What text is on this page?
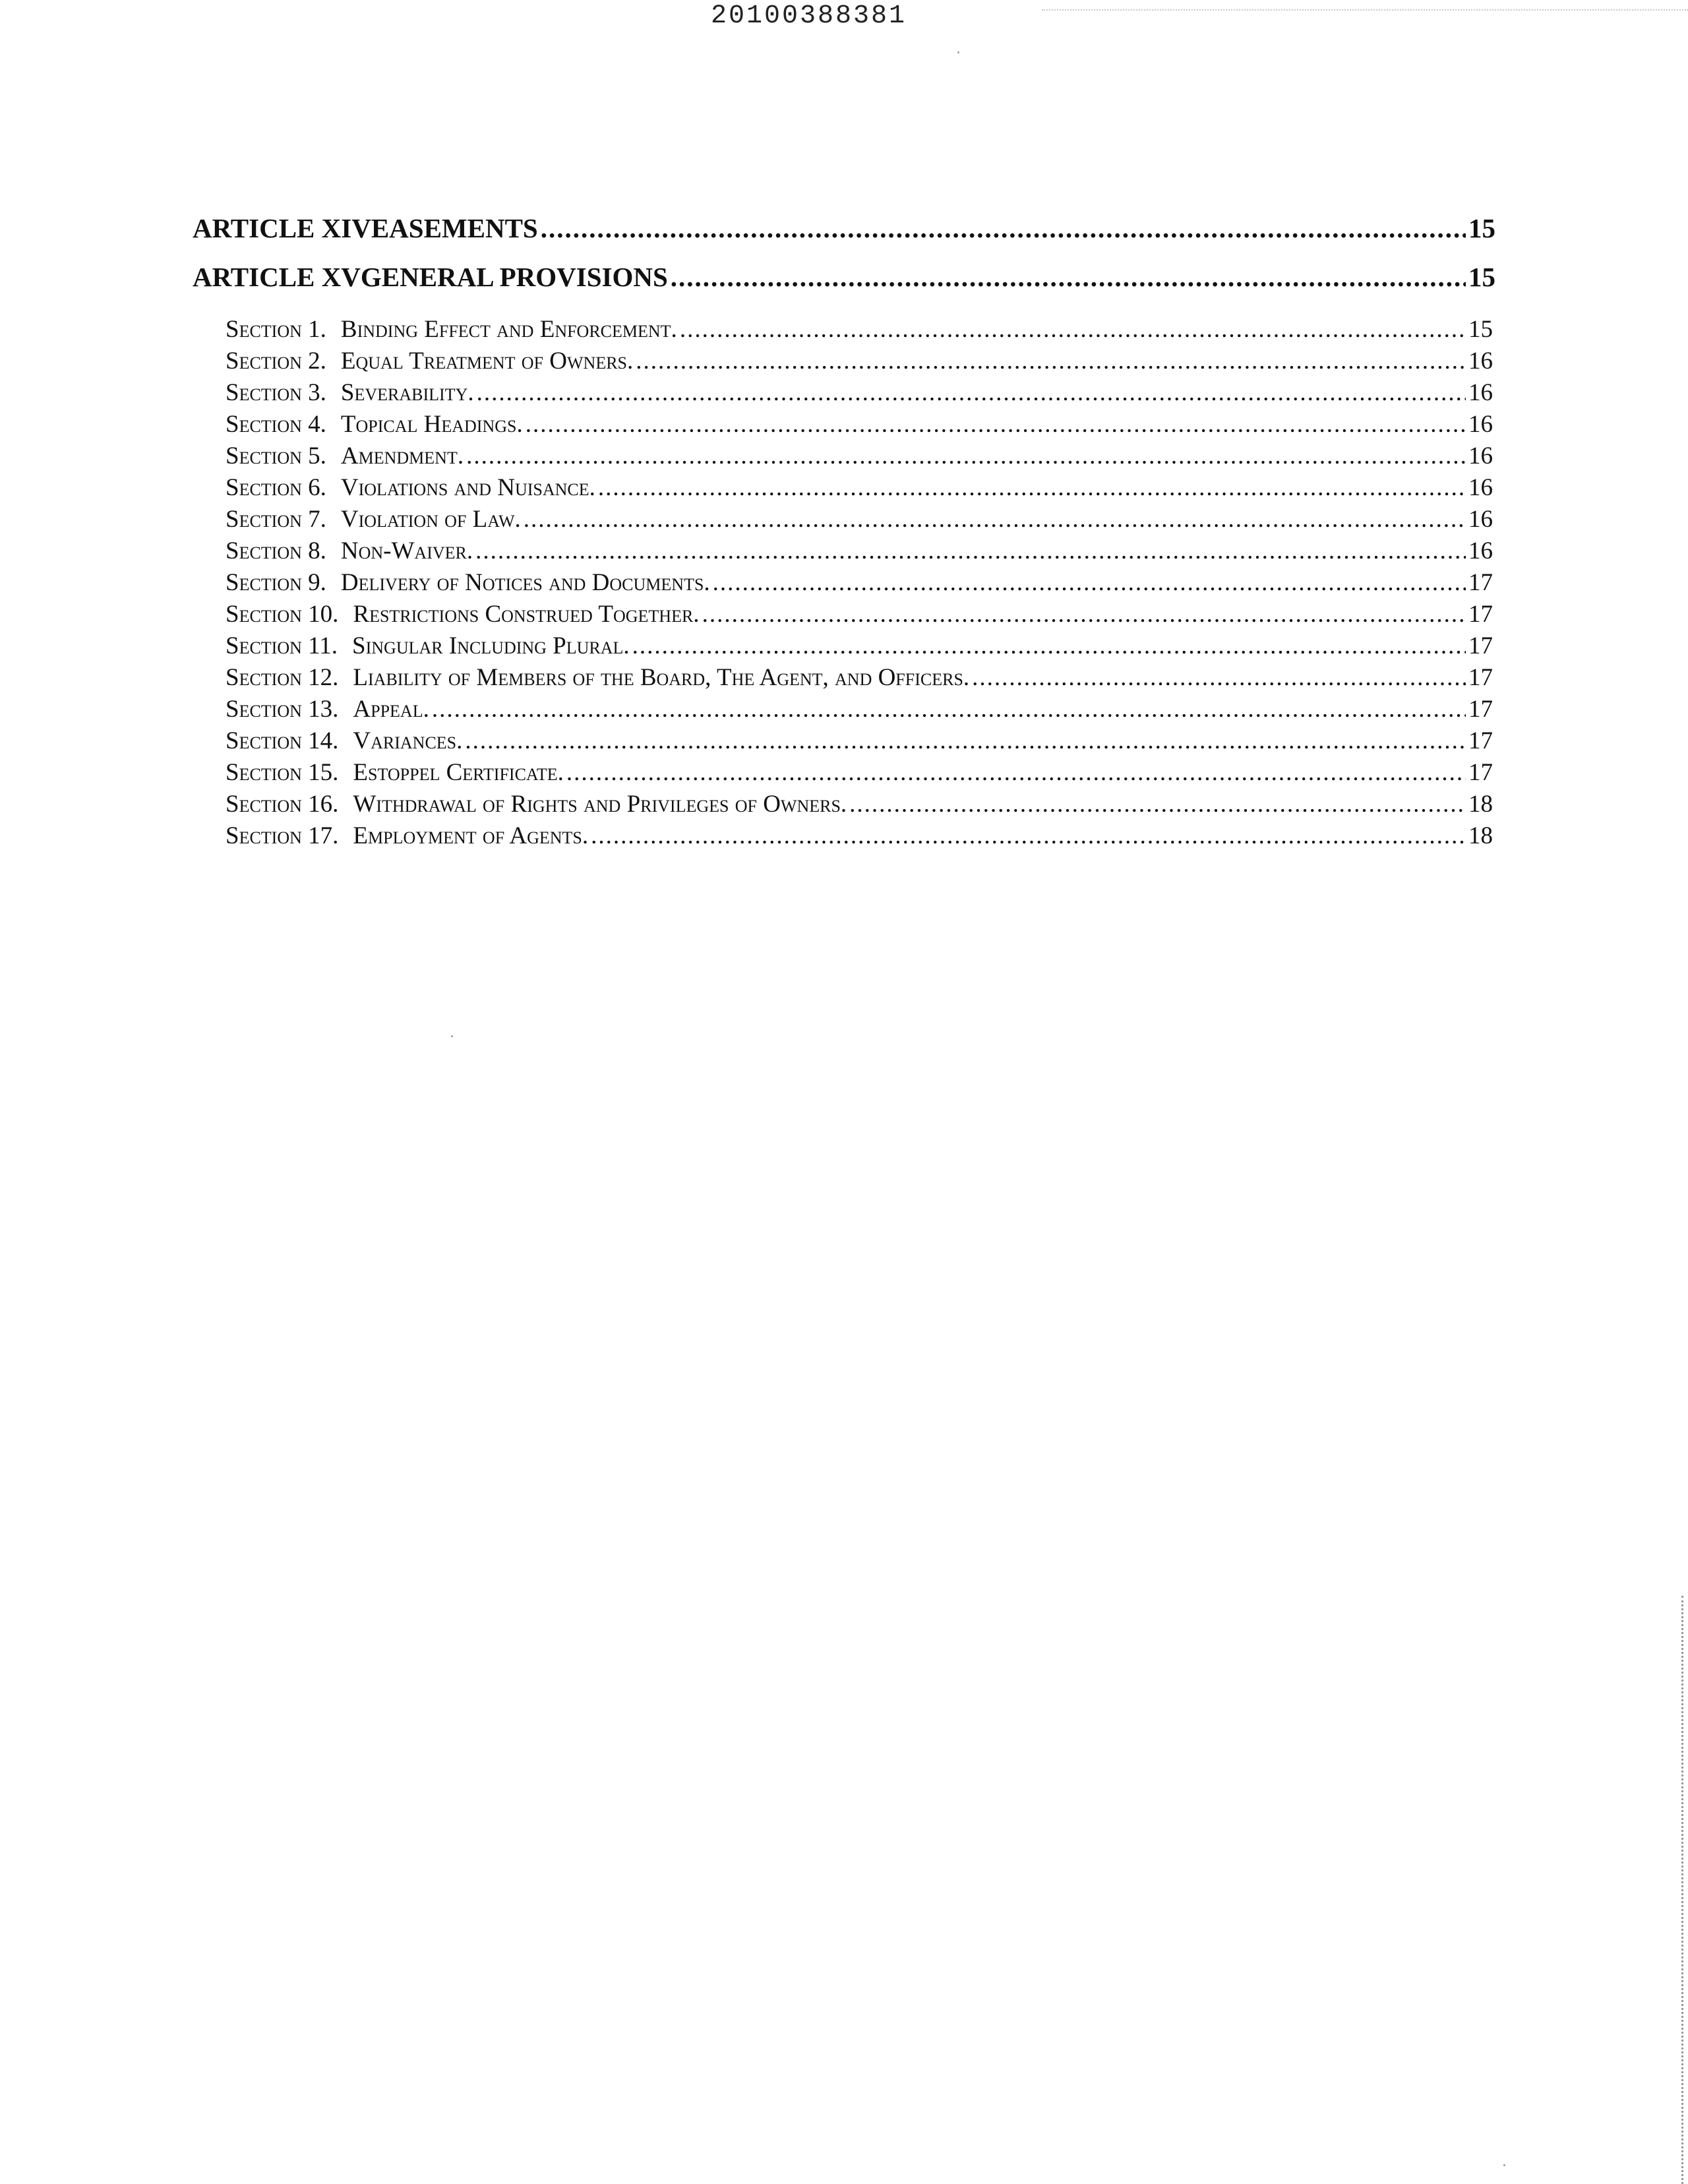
20100388381
ARTICLE XIV EASEMENTS .....	15
ARTICLE XV GENERAL PROVISIONS .....	15
Section 1. Binding Effect and Enforcement. .....	15
Section 2. Equal Treatment of Owners. .....	16
Section 3. Severability. .....	16
Section 4. Topical Headings. .....	16
Section 5. Amendment. .....	16
Section 6. Violations and Nuisance. .....	16
Section 7. Violation of Law. .....	16
Section 8. Non-Waiver. .....	16
Section 9. Delivery of Notices and Documents. .....	17
Section 10. Restrictions Construed Together. .....	17
Section 11. Singular Including Plural. .....	17
Section 12. Liability of Members of the Board, The Agent, and Officers. .....	17
Section 13. Appeal. .....	17
Section 14. Variances. .....	17
Section 15. Estoppel Certificate. .....	17
Section 16. Withdrawal of Rights and Privileges of Owners. .....	18
Section 17. Employment of Agents. .....	18
